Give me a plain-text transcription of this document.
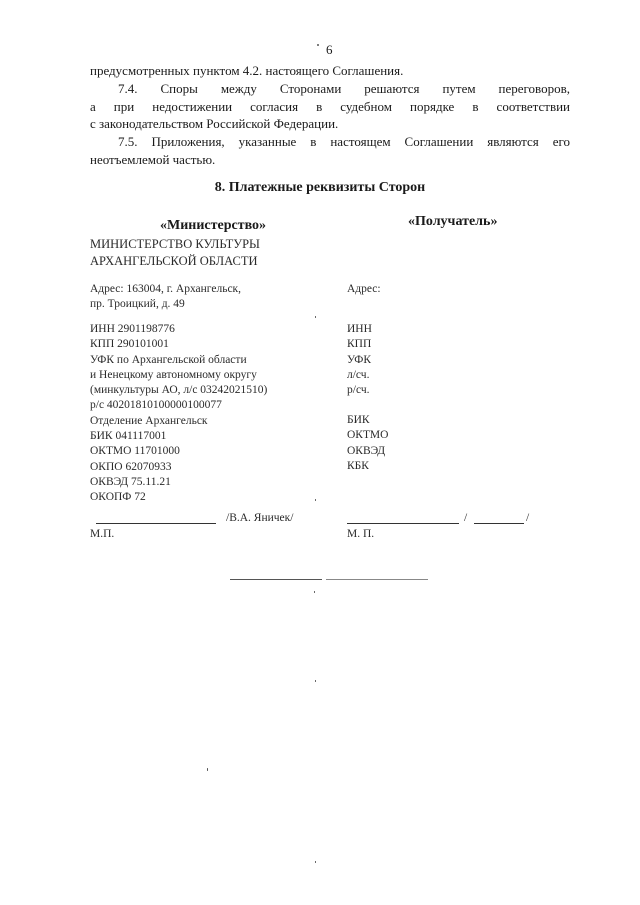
6
предусмотренных пунктом 4.2. настоящего Соглашения.
7.4. Споры между Сторонами решаются путем переговоров,
а при недостижении согласия в судебном порядке в соответствии
с законодательством Российской Федерации.
7.5. Приложения, указанные в настоящем Соглашении являются его
неотъемлемой частью.
8. Платежные реквизиты Сторон
«Министерство»	«Получатель»
МИНИСТЕРСТВО КУЛЬТУРЫ
АРХАНГЕЛЬСКОЙ ОБЛАСТИ
Адрес: 163004, г. Архангельск,
пр. Троицкий, д. 49
Адрес:
ИНН 2901198776
КПП 290101001
УФК по Архангельской области
и Ненецкому автономному округу
(минкультуры АО, л/с 03242021510)
р/с 40201810100000100077
Отделение Архангельск
БИК 041117001
ОКТМО 11701000
ОКПО 62070933
ОКВЭД 75.11.21
ОКОПФ 72
ИНН
КПП
УФК
л/сч.
р/сч.
БИК
ОКТМО
ОКВЭД
КБК
/В.А. Яничек/
М.П.
/	/
М. П.
